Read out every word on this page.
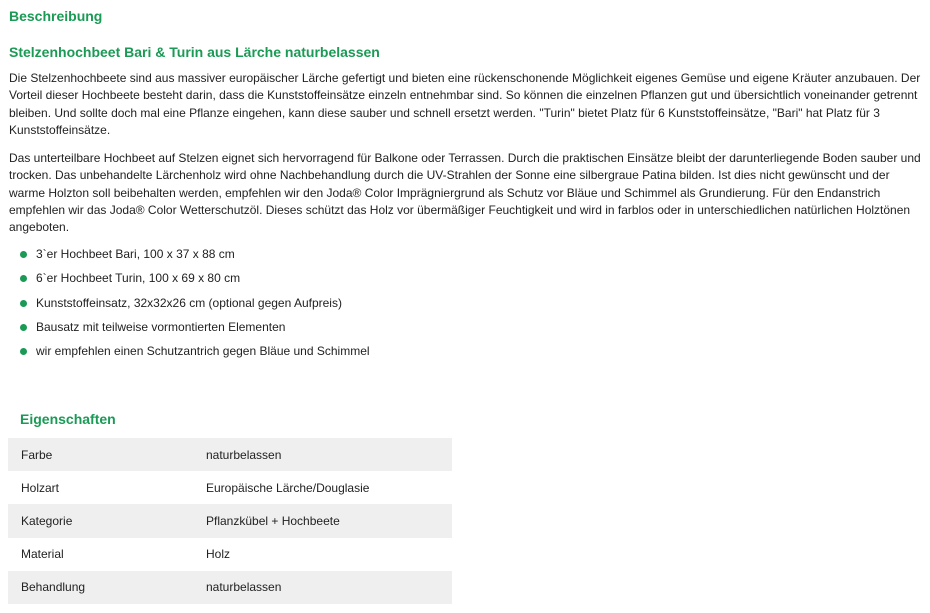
Beschreibung
Stelzenhochbeet Bari & Turin aus Lärche naturbelassen

Die Stelzenhochbeete sind aus massiver europäischer Lärche gefertigt und bieten eine rückenschonende Möglichkeit eigenes Gemüse und eigene Kräuter anzubauen. Der Vorteil dieser Hochbeete besteht darin, dass die Kunststoffeinsätze einzeln entnehmbar sind. So können die einzelnen Pflanzen gut und übersichtlich voneinander getrennt bleiben. Und sollte doch mal eine Pflanze eingehen, kann diese sauber und schnell ersetzt werden. "Turin" bietet Platz für 6 Kunststoffeinsätze, "Bari" hat Platz für 3 Kunststoffeinsätze.

Das unterteilbare Hochbeet auf Stelzen eignet sich hervorragend für Balkone oder Terrassen. Durch die praktischen Einsätze bleibt der darunterliegende Boden sauber und trocken. Das unbehandelte Lärchenholz wird ohne Nachbehandlung durch die UV-Strahlen der Sonne eine silbergraue Patina bilden. Ist dies nicht gewünscht und der warme Holzton soll beibehalten werden, empfehlen wir den Joda® Color Imprägniergrund als Schutz vor Bläue und Schimmel als Grundierung. Für den Endanstrich empfehlen wir das Joda® Color Wetterschutzöl. Dieses schützt das Holz vor übermäßiger Feuchtigkeit und wird in farblos oder in unterschiedlichen natürlichen Holztönen angeboten.

3`er Hochbeet Bari, 100 x 37 x 88 cm
6`er Hochbeet Turin, 100 x 69 x 80 cm
Kunststoffeinsatz, 32x32x26 cm (optional gegen Aufpreis)
Bausatz mit teilweise vormontierten Elementen
wir empfehlen einen Schutzantrich gegen Bläue und Schimmel
Eigenschaften
Farbe	naturbelassen
Holzart	Europäische Lärche/Douglasie
Kategorie	Pflanzkübel + Hochbeete
Material	Holz
Behandlung	naturbelassen
